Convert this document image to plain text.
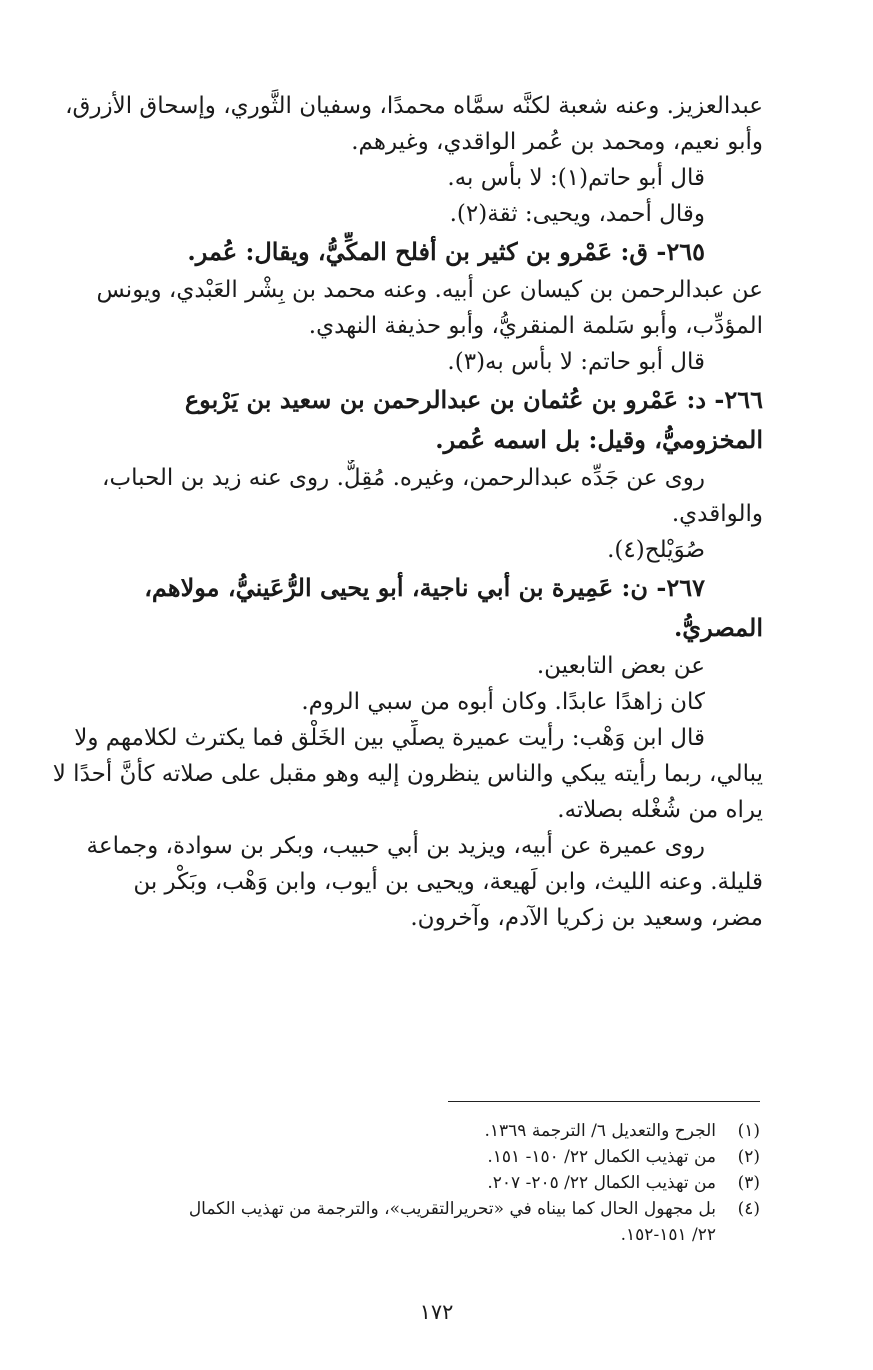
عبدالعزيز. وعنه شعبة لكنَّه سمَّاه محمدًا، وسفيان الثَّوري، وإسحاق الأزرق،
وأبو نعيم، ومحمد بن عُمر الواقدي، وغيرهم.
قال أبو حاتم(١): لا بأس به.
وقال أحمد، ويحيى: ثقة(٢).
٢٦٥- ق: عَمْرو بن كثير بن أفلح المكِّيُّ، ويقال: عُمر.
عن عبدالرحمن بن كيسان عن أبيه. وعنه محمد بن بِشْر العَبْدي، ويونس
المؤدِّب، وأبو سَلمة المنقريُّ، وأبو حذيفة النهدي.
قال أبو حاتم: لا بأس به(٣).
٢٦٦- د: عَمْرو بن عُثمان بن عبدالرحمن بن سعيد بن يَرْبوع
المخزوميُّ، وقيل: بل اسمه عُمر.
روى عن جَدِّه عبدالرحمن، وغيره. مُقِلٌّ. روى عنه زيد بن الحباب،
والواقدي.
صُوَيْلح(٤).
٢٦٧- ن: عَمِيرة بن أبي ناجية، أبو يحيى الرُّعَينيُّ، مولاهم،
المصريُّ.
عن بعض التابعين.
كان زاهدًا عابدًا. وكان أبوه من سبي الروم.
قال ابن وَهْب: رأيت عميرة يصلِّي بين الخَلْق فما يكترث لكلامهم ولا
يبالي، ربما رأيته يبكي والناس ينظرون إليه وهو مقبل على صلاته كأنَّ أحدًا لا
يراه من شُغْله بصلاته.
روى عميرة عن أبيه، ويزيد بن أبي حبيب، وبكر بن سوادة، وجماعة
قليلة. وعنه الليث، وابن لَهيعة، ويحيى بن أيوب، وابن وَهْب، وبَكْر بن
مضر، وسعيد بن زكريا الآدم، وآخرون.
(١)الجرح والتعديل ٦/ الترجمة ١٣٦٩.
(٢)من تهذيب الكمال ٢٢/ ١٥٠- ١٥١.
(٣)من تهذيب الكمال ٢٢/ ٢٠٥- ٢٠٧.
(٤)بل مجهول الحال كما بيناه في «تحريرالتقريب»، والترجمة من تهذيب الكمال
٢٢/ ١٥١-١٥٢.
١٧٢
